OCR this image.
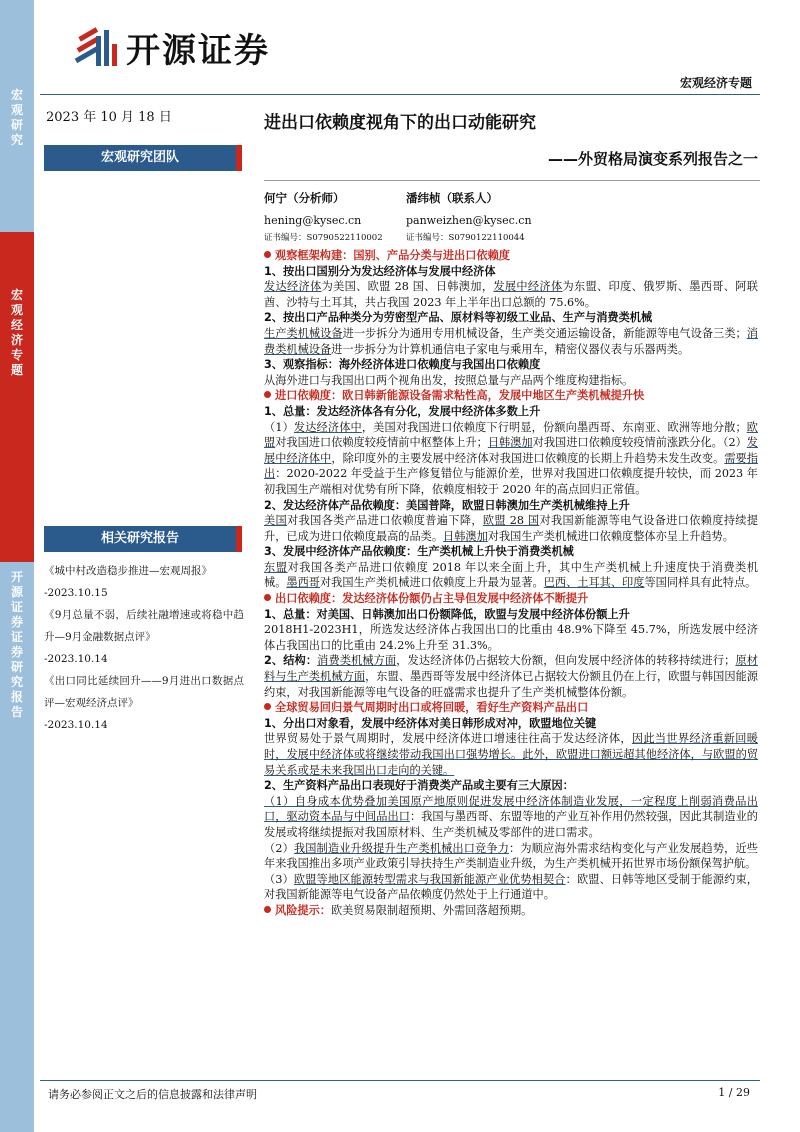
宏观研究
宏观经济专题
开源证券 证券研究报告
开源证券
宏观经济专题
2023 年 10 月 18 日
宏观研究团队
相关研究报告
《城中村改造稳步推进—宏观周报》
-2023.10.15
《9月总量不弱，后续社融增速或将稳中趋升—9月金融数据点评》
-2023.10.14
《出口同比延续回升——9月进出口数据点评—宏观经济点评》
-2023.10.14
进出口依赖度视角下的出口动能研究
——外贸格局演变系列报告之一
何宁（分析师）
hening@kysec.cn
证书编号：S0790522110002
潘纬桢（联系人）
panweizhen@kysec.cn
证书编号：S0790122110044

观察框架构建：国别、产品分类与进出口依赖度

1、按出口国别分为发达经济体与发展中经济体

发达经济体为美国、欧盟 28 国、日韩澳加，发展中经济体为东盟、印度、俄罗斯、墨西哥、阿联酋、沙特与土耳其，共占我国 2023 年上半年出口总额的 75.6%。

2、按出口产品种类分为劳密型产品、原材料等初级工业品、生产与消费类机械

生产类机械设备进一步拆分为通用专用机械设备，生产类交通运输设备，新能源等电气设备三类；消费类机械设备进一步拆分为计算机通信电子家电与乘用车，精密仪器仪表与乐器两类。

3、观察指标：海外经济体进口依赖度与我国出口依赖度

从海外进口与我国出口两个视角出发，按照总量与产品两个维度构建指标。

进口依赖度：欧日韩新能源设备需求粘性高，发展中地区生产类机械提升快

1、总量：发达经济体各有分化，发展中经济体多数上升

（1）发达经济体中，美国对我国进口依赖度下行明显，份额向墨西哥、东南亚、欧洲等地分散；欧盟对我国进口依赖度较疫情前中枢整体上升；日韩澳加对我国进口依赖度较疫情前涨跌分化。（2）发展中经济体中，除印度外的主要发展中经济体对我国进口依赖度的长期上升趋势未发生改变。需要指出：2020-2022 年受益于生产修复错位与能源价差，世界对我国进口依赖度提升较快，而 2023 年初我国生产端相对优势有所下降，依赖度相较于 2020 年的高点回归正常值。

2、发达经济体产品依赖度：美国普降，欧盟日韩澳加生产类机械维持上升

美国对我国各类产品进口依赖度普遍下降，欧盟 28 国对我国新能源等电气设备进口依赖度持续提升，已成为进口依赖度最高的品类。日韩澳加对我国生产类机械进口依赖度整体亦呈上升趋势。

3、发展中经济体产品依赖度：生产类机械上升快于消费类机械

东盟对我国各类产品进口依赖度 2018 年以来全面上升，其中生产类机械上升速度快于消费类机械。墨西哥对我国生产类机械进口依赖度上升最为显著。巴西、土耳其、印度等国同样具有此特点。

出口依赖度：发达经济体份额仍占主导但发展中经济体不断提升

1、总量：对美国、日韩澳加出口份额降低，欧盟与发展中经济体份额上升

2018H1-2023H1，所选发达经济体占我国出口的比重由 48.9%下降至 45.7%，所选发展中经济体占我国出口的比重由 24.2%上升至 31.3%。

2、结构：消费类机械方面，发达经济体仍占据较大份额，但向发展中经济体的转移持续进行；原材料与生产类机械方面，东盟、墨西哥等发展中经济体已占据较大份额且仍在上行，欧盟与韩国因能源约束，对我国新能源等电气设备的旺盛需求也提升了生产类机械整体份额。

全球贸易回归景气周期时出口或将回暖，看好生产资料产品出口

1、分出口对象看，发展中经济体对美日韩形成对冲，欧盟地位关键

世界贸易处于景气周期时，发展中经济体进口增速往往高于发达经济体，因此当世界经济重新回暖时，发展中经济体或将继续带动我国出口强势增长。此外，欧盟进口额远超其他经济体，与欧盟的贸易关系或是未来我国出口走向的关键。

2、生产资料产品出口表现好于消费类产品或主要有三大原因：

（1）自身成本优势叠加美国原产地原则促进发展中经济体制造业发展，一定程度上削弱消费品出口，驱动资本品与中间品出口：我国与墨西哥、东盟等地的产业互补作用仍然较强，因此其制造业的发展或将继续提振对我国原材料、生产类机械及零部件的进口需求。

（2）我国制造业升级提升生产类机械出口竞争力：为顺应海外需求结构变化与产业发展趋势，近些年来我国推出多项产业政策引导扶持生产类制造业升级，为生产类机械开拓世界市场份额保驾护航。

（3）欧盟等地区能源转型需求与我国新能源产业优势相契合：欧盟、日韩等地区受制于能源约束，对我国新能源等电气设备产品依赖度仍然处于上行通道中。

风险提示：欧美贸易限制超预期、外需回落超预期。

请务必参阅正文之后的信息披露和法律声明	1 / 29
